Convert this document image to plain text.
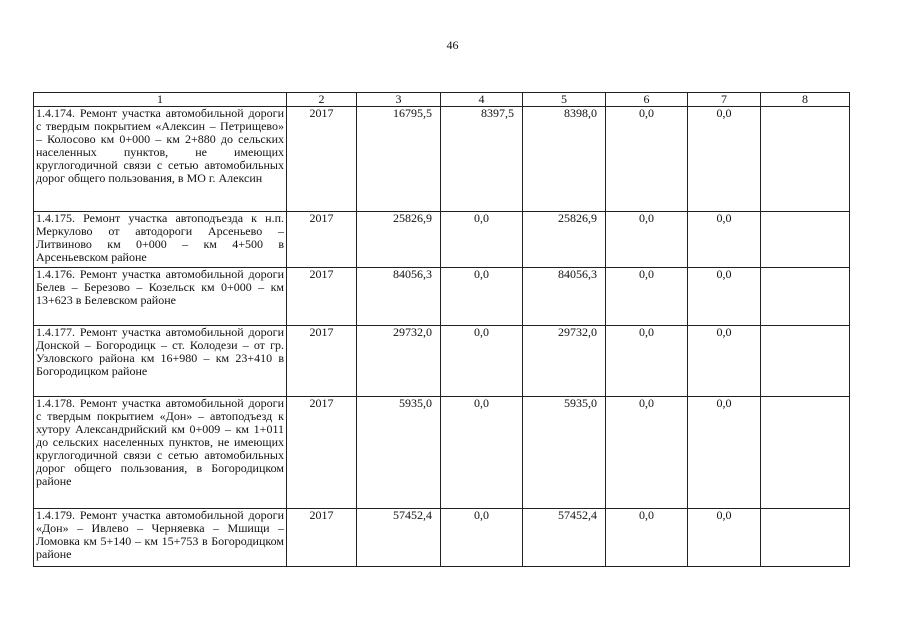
46
1	2	3	4	5	6	7	8
1.4.174. Ремонт участка автомобильной дороги с твердым покрытием «Алексин – Петрищево» – Колосово км 0+000 – км 2+880 до сельских населенных пунктов, не имеющих круглогодичной связи с сетью автомобильных дорог общего пользования, в МО г. Алексин	2017	16795,5	8397,5	8398,0	0,0	0,0	
1.4.175. Ремонт участка автоподъезда к н.п. Меркулово от автодороги Арсеньево – Литвиново км 0+000 – км 4+500 в Арсеньевском районе	2017	25826,9	0,0	25826,9	0,0	0,0	
1.4.176. Ремонт участка автомобильной дороги Белев – Березово – Козельск км 0+000 – км 13+623 в Белевском районе	2017	84056,3	0,0	84056,3	0,0	0,0	
1.4.177. Ремонт участка автомобильной дороги Донской – Богородицк – ст. Колодези – от гр. Узловского района км 16+980 – км 23+410 в Богородицком районе	2017	29732,0	0,0	29732,0	0,0	0,0	
1.4.178. Ремонт участка автомобильной дороги с твердым покрытием «Дон» – автоподъезд к хутору Александрийский км 0+009 – км 1+011 до сельских населенных пунктов, не имеющих круглогодичной связи с сетью автомобильных дорог общего пользования, в Богородицком районе	2017	5935,0	0,0	5935,0	0,0	0,0	
1.4.179. Ремонт участка автомобильной дороги «Дон» – Ивлево – Черняевка – Мшищи – Ломовка км 5+140 – км 15+753 в Богородицком районе	2017	57452,4	0,0	57452,4	0,0	0,0	
